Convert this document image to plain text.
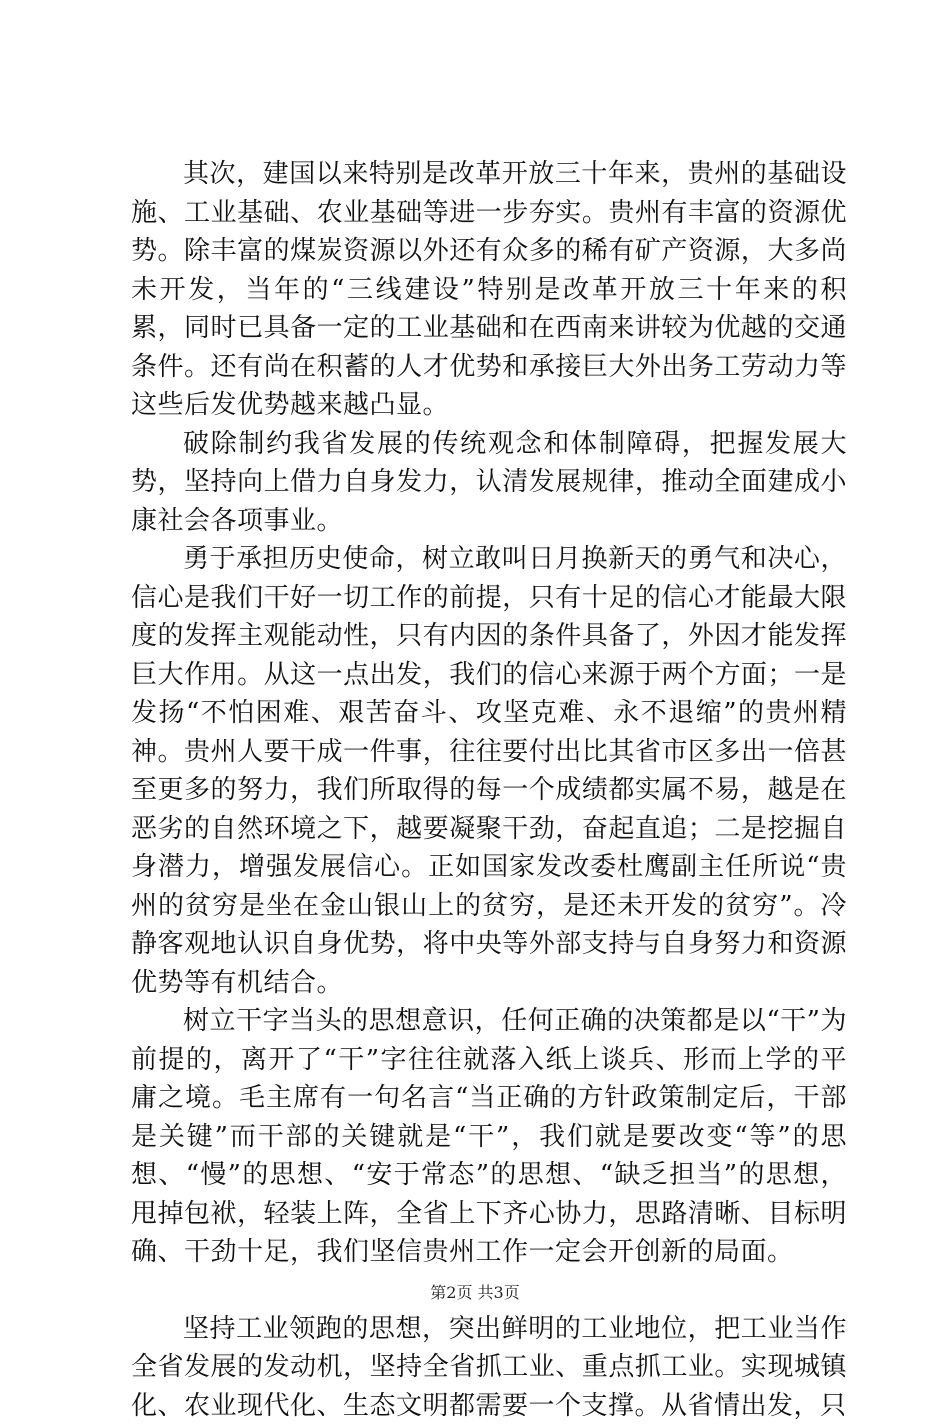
其次，建国以来特别是改革开放三十年来，贵州的基础设施、工业基础、农业基础等进一步夯实。贵州有丰富的资源优势。除丰富的煤炭资源以外还有众多的稀有矿产资源，大多尚未开发，当年的“三线建设”特别是改革开放三十年来的积累，同时已具备一定的工业基础和在西南来讲较为优越的交通条件。还有尚在积蓄的人才优势和承接巨大外出务工劳动力等这些后发优势越来越凸显。

破除制约我省发展的传统观念和体制障碍，把握发展大势，坚持向上借力自身发力，认清发展规律，推动全面建成小康社会各项事业。

勇于承担历史使命，树立敢叫日月换新天的勇气和决心，信心是我们干好一切工作的前提，只有十足的信心才能最大限度的发挥主观能动性，只有内因的条件具备了，外因才能发挥巨大作用。从这一点出发，我们的信心来源于两个方面；一是发扬“不怕困难、艰苦奋斗、攻坚克难、永不退缩”的贵州精神。贵州人要干成一件事，往往要付出比其省市区多出一倍甚至更多的努力，我们所取得的每一个成绩都实属不易，越是在恶劣的自然环境之下，越要凝聚干劲，奋起直追；二是挖掘自身潜力，增强发展信心。正如国家发改委杜鹰副主任所说“贵州的贫穷是坐在金山银山上的贫穷，是还未开发的贫穷”。冷静客观地认识自身优势，将中央等外部支持与自身努力和资源优势等有机结合。

树立干字当头的思想意识，任何正确的决策都是以“干”为前提的，离开了“干”字往往就落入纸上谈兵、形而上学的平庸之境。毛主席有一句名言“当正确的方针政策制定后，干部是关键”而干部的关键就是“干”，我们就是要改变“等”的思想、“慢”的思想、“安于常态”的思想、“缺乏担当”的思想，甩掉包袱，轻装上阵，全省上下齐心协力，思路清晰、目标明确、干劲十足，我们坚信贵州工作一定会开创新的局面。

坚持工业领跑的思想，突出鲜明的工业地位，把工业当作全省发展的发动机，坚持全省抓工业、重点抓工业。实现城镇化、农业现代化、生态文明都需要一个支撑。从省情出发，只

第2页 共3页
